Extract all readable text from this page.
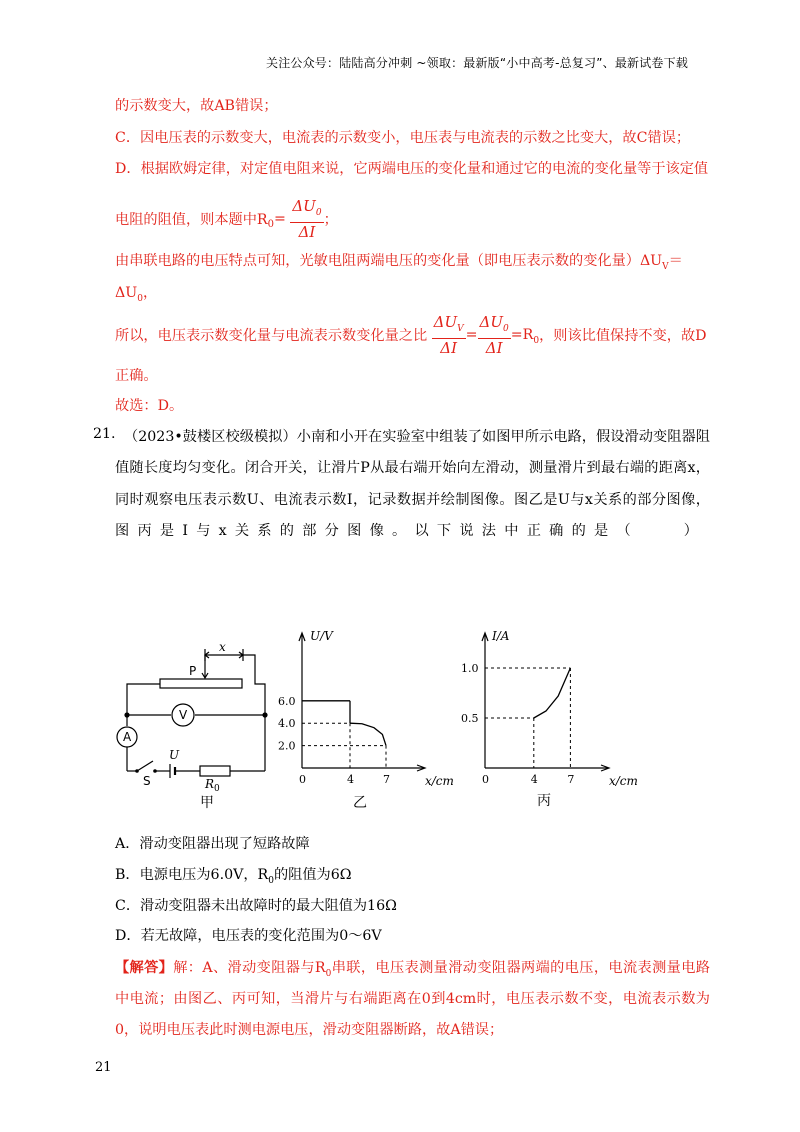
关注公众号：陆陆高分冲刺 ~领取：最新版“小中高考-总复习”、最新试卷下载
的示数变大，故AB错误；
C．因电压表的示数变大，电流表的示数变小，电压表与电流表的示数之比变大，故C错误；
D．根据欧姆定律，对定值电阻来说，它两端电压的变化量和通过它的电流的变化量等于该定值
电阻的阻值，则本题中$R_0= \frac{\Delta U_0}{\Delta I}$ ；
由串联电路的电压特点可知，光敏电阻两端电压的变化量（即电压表示数的变化量）$\Delta U_V=$
$\Delta U_0$，
所以，电压表示数变化量与电流表示数变化量之比 $\frac{\Delta U_V}{\Delta I} = \frac{\Delta U_0}{\Delta I} =R_0$，则该比值保持不变，故D
正确。
故选：D。
21. （2023•鼓楼区校级模拟）小南和小开在实验室中组装了如图甲所示电路，假设滑动变阻器阻
值随长度均匀变化。闭合开关，让滑片P从最右端开始向左滑动，测量滑片到最右端的距离x，
同时观察电压表示数U、电流表示数I，记录数据并绘制图像。图乙是U与x关系的部分图像，
图丙是I与x关系的部分图像。以下说法中正确的是（　　）
x
P
V
A
U
S	R 0
甲
0	4	7
2.0
4.0
6.0
U/V
x/cm
乙
0	4	7
0.5
1.0
I/A
x/cm
丙
A．滑动变阻器出现了短路故障
B．电源电压为6.0V，$R_0$的阻值为6Ω
C．滑动变阻器未出故障时的最大阻值为16Ω
D．若无故障，电压表的变化范围为0～6V
【解答】解：A、滑动变阻器与$R_0$串联，电压表测量滑动变阻器两端的电压，电流表测量电路
中电流；由图乙、丙可知，当滑片与右端距离在0到4cm时，电压表示数不变，电流表示数为
0，说明电压表此时测电源电压，滑动变阻器断路，故A错误；
21
